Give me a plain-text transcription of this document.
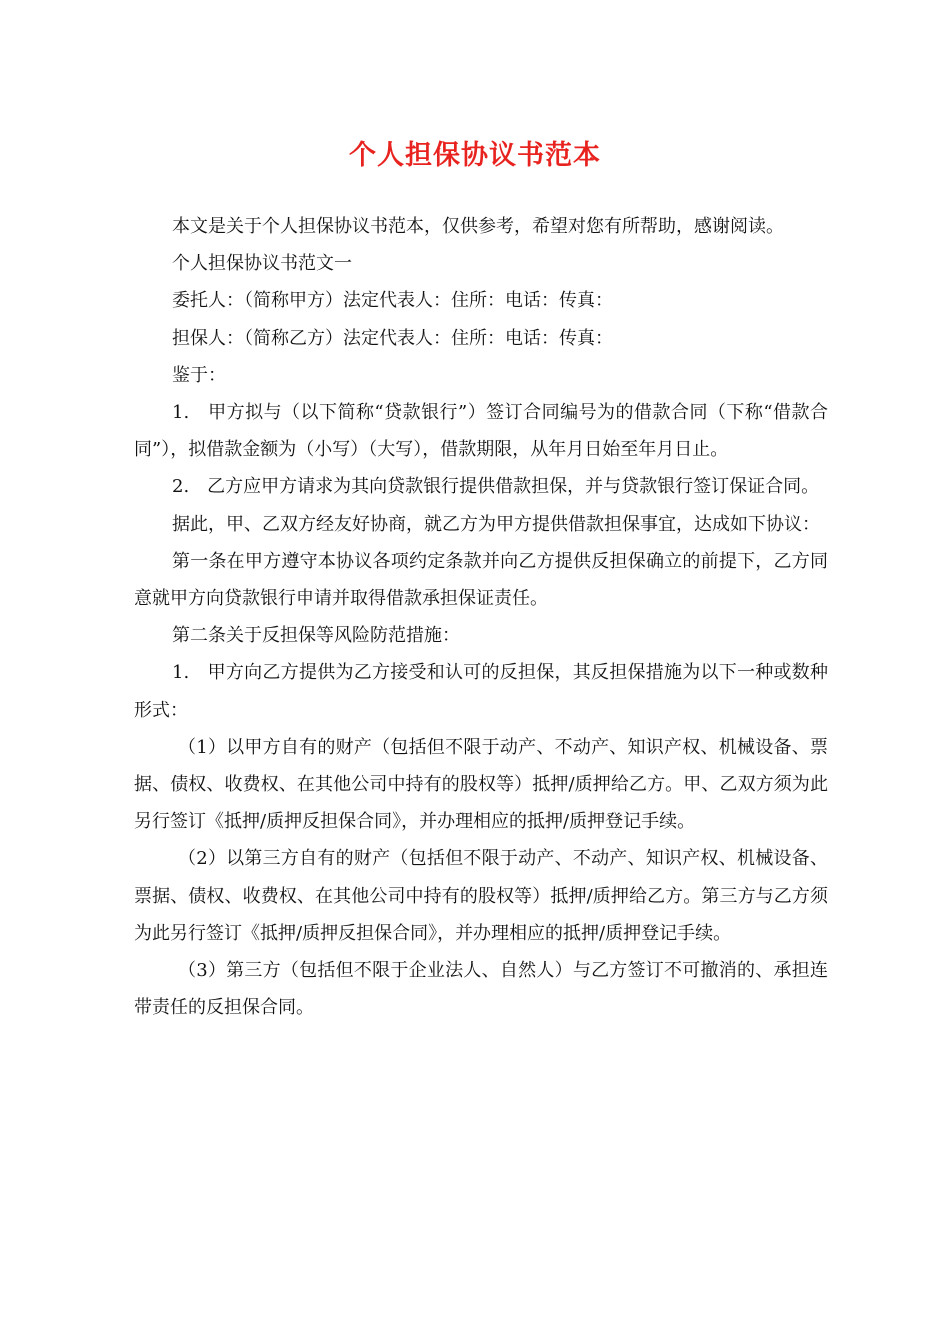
个人担保协议书范本

本文是关于个人担保协议书范本，仅供参考，希望对您有所帮助，感谢阅读。

个人担保协议书范文一

委托人：（简称甲方）法定代表人：住所：电话：传真：

担保人：（简称乙方）法定代表人：住所：电话：传真：

鉴于：

1.　甲方拟与（以下简称“贷款银行”）签订合同编号为的借款合同（下称“借款合同”），拟借款金额为（小写）（大写），借款期限，从年月日始至年月日止。

2.　乙方应甲方请求为其向贷款银行提供借款担保，并与贷款银行签订保证合同。

据此，甲、乙双方经友好协商，就乙方为甲方提供借款担保事宜，达成如下协议：

第一条在甲方遵守本协议各项约定条款并向乙方提供反担保确立的前提下，乙方同意就甲方向贷款银行申请并取得借款承担保证责任。

第二条关于反担保等风险防范措施：

1.　甲方向乙方提供为乙方接受和认可的反担保，其反担保措施为以下一种或数种形式：

（1）以甲方自有的财产（包括但不限于动产、不动产、知识产权、机械设备、票据、债权、收费权、在其他公司中持有的股权等）抵押/质押给乙方。甲、乙双方须为此另行签订《抵押/质押反担保合同》，并办理相应的抵押/质押登记手续。

（2）以第三方自有的财产（包括但不限于动产、不动产、知识产权、机械设备、票据、债权、收费权、在其他公司中持有的股权等）抵押/质押给乙方。第三方与乙方须为此另行签订《抵押/质押反担保合同》，并办理相应的抵押/质押登记手续。

（3）第三方（包括但不限于企业法人、自然人）与乙方签订不可撤消的、承担连带责任的反担保合同。
